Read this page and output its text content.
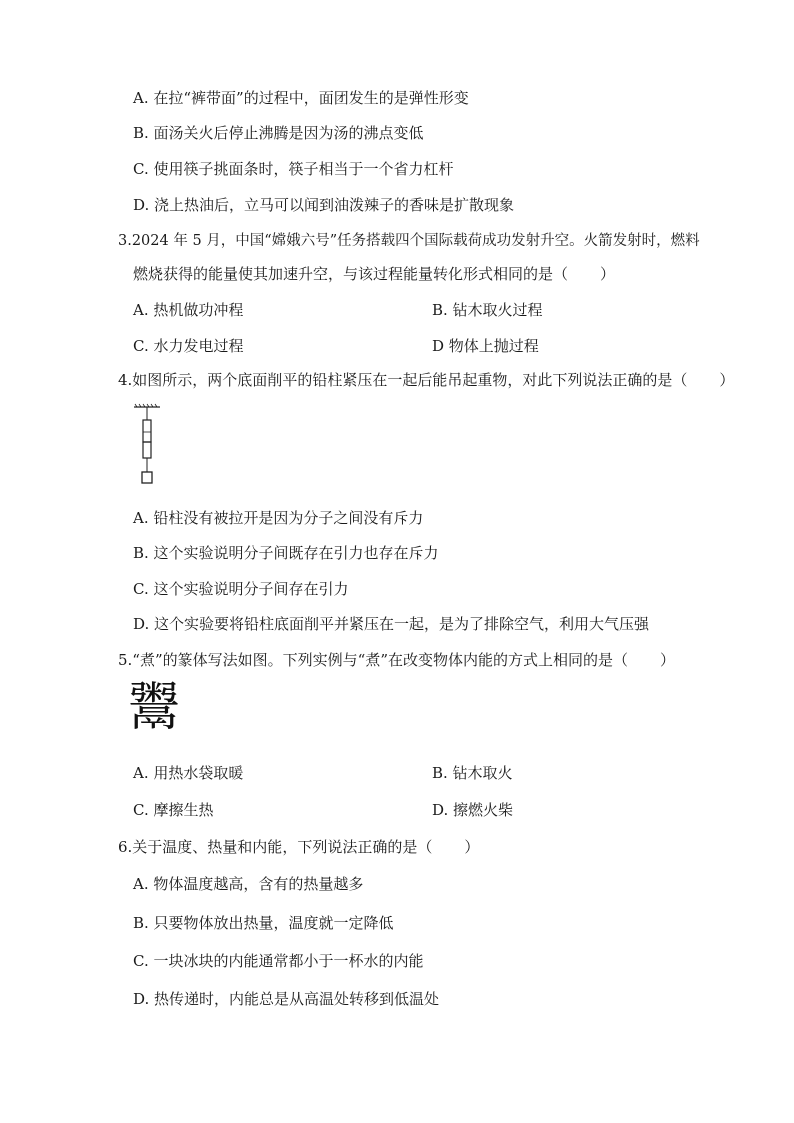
A. 在拉“裤带面”的过程中，面团发生的是弹性形变
B. 面汤关火后停止沸腾是因为汤的沸点变低
C. 使用筷子挑面条时，筷子相当于一个省力杠杆
D. 浇上热油后，立马可以闻到油泼辣子的香味是扩散现象
3.2024 年 5 月，中国“嫦娥六号”任务搭载四个国际载荷成功发射升空。火箭发射时，燃料
燃烧获得的能量使其加速升空，与该过程能量转化形式相同的是（ ）
A. 热机做功冲程	B. 钻木取火过程
C. 水力发电过程	D 物体上抛过程
4.如图所示，两个底面削平的铅柱紧压在一起后能吊起重物，对此下列说法正确的是（ ）
A. 铅柱没有被拉开是因为分子之间没有斥力
B. 这个实验说明分子间既存在引力也存在斥力
C. 这个实验说明分子间存在引力
D. 这个实验要将铅柱底面削平并紧压在一起，是为了排除空气，利用大气压强
5.“煮”的篆体写法如图。下列实例与“煮”在改变物体内能的方式上相同的是（ ）
鬻
A. 用热水袋取暖	B. 钻木取火
C. 摩擦生热	D. 擦燃火柴
6.关于温度、热量和内能，下列说法正确的是（ ）
A. 物体温度越高，含有的热量越多
B. 只要物体放出热量，温度就一定降低
C. 一块冰块的内能通常都小于一杯水的内能
D. 热传递时，内能总是从高温处转移到低温处
